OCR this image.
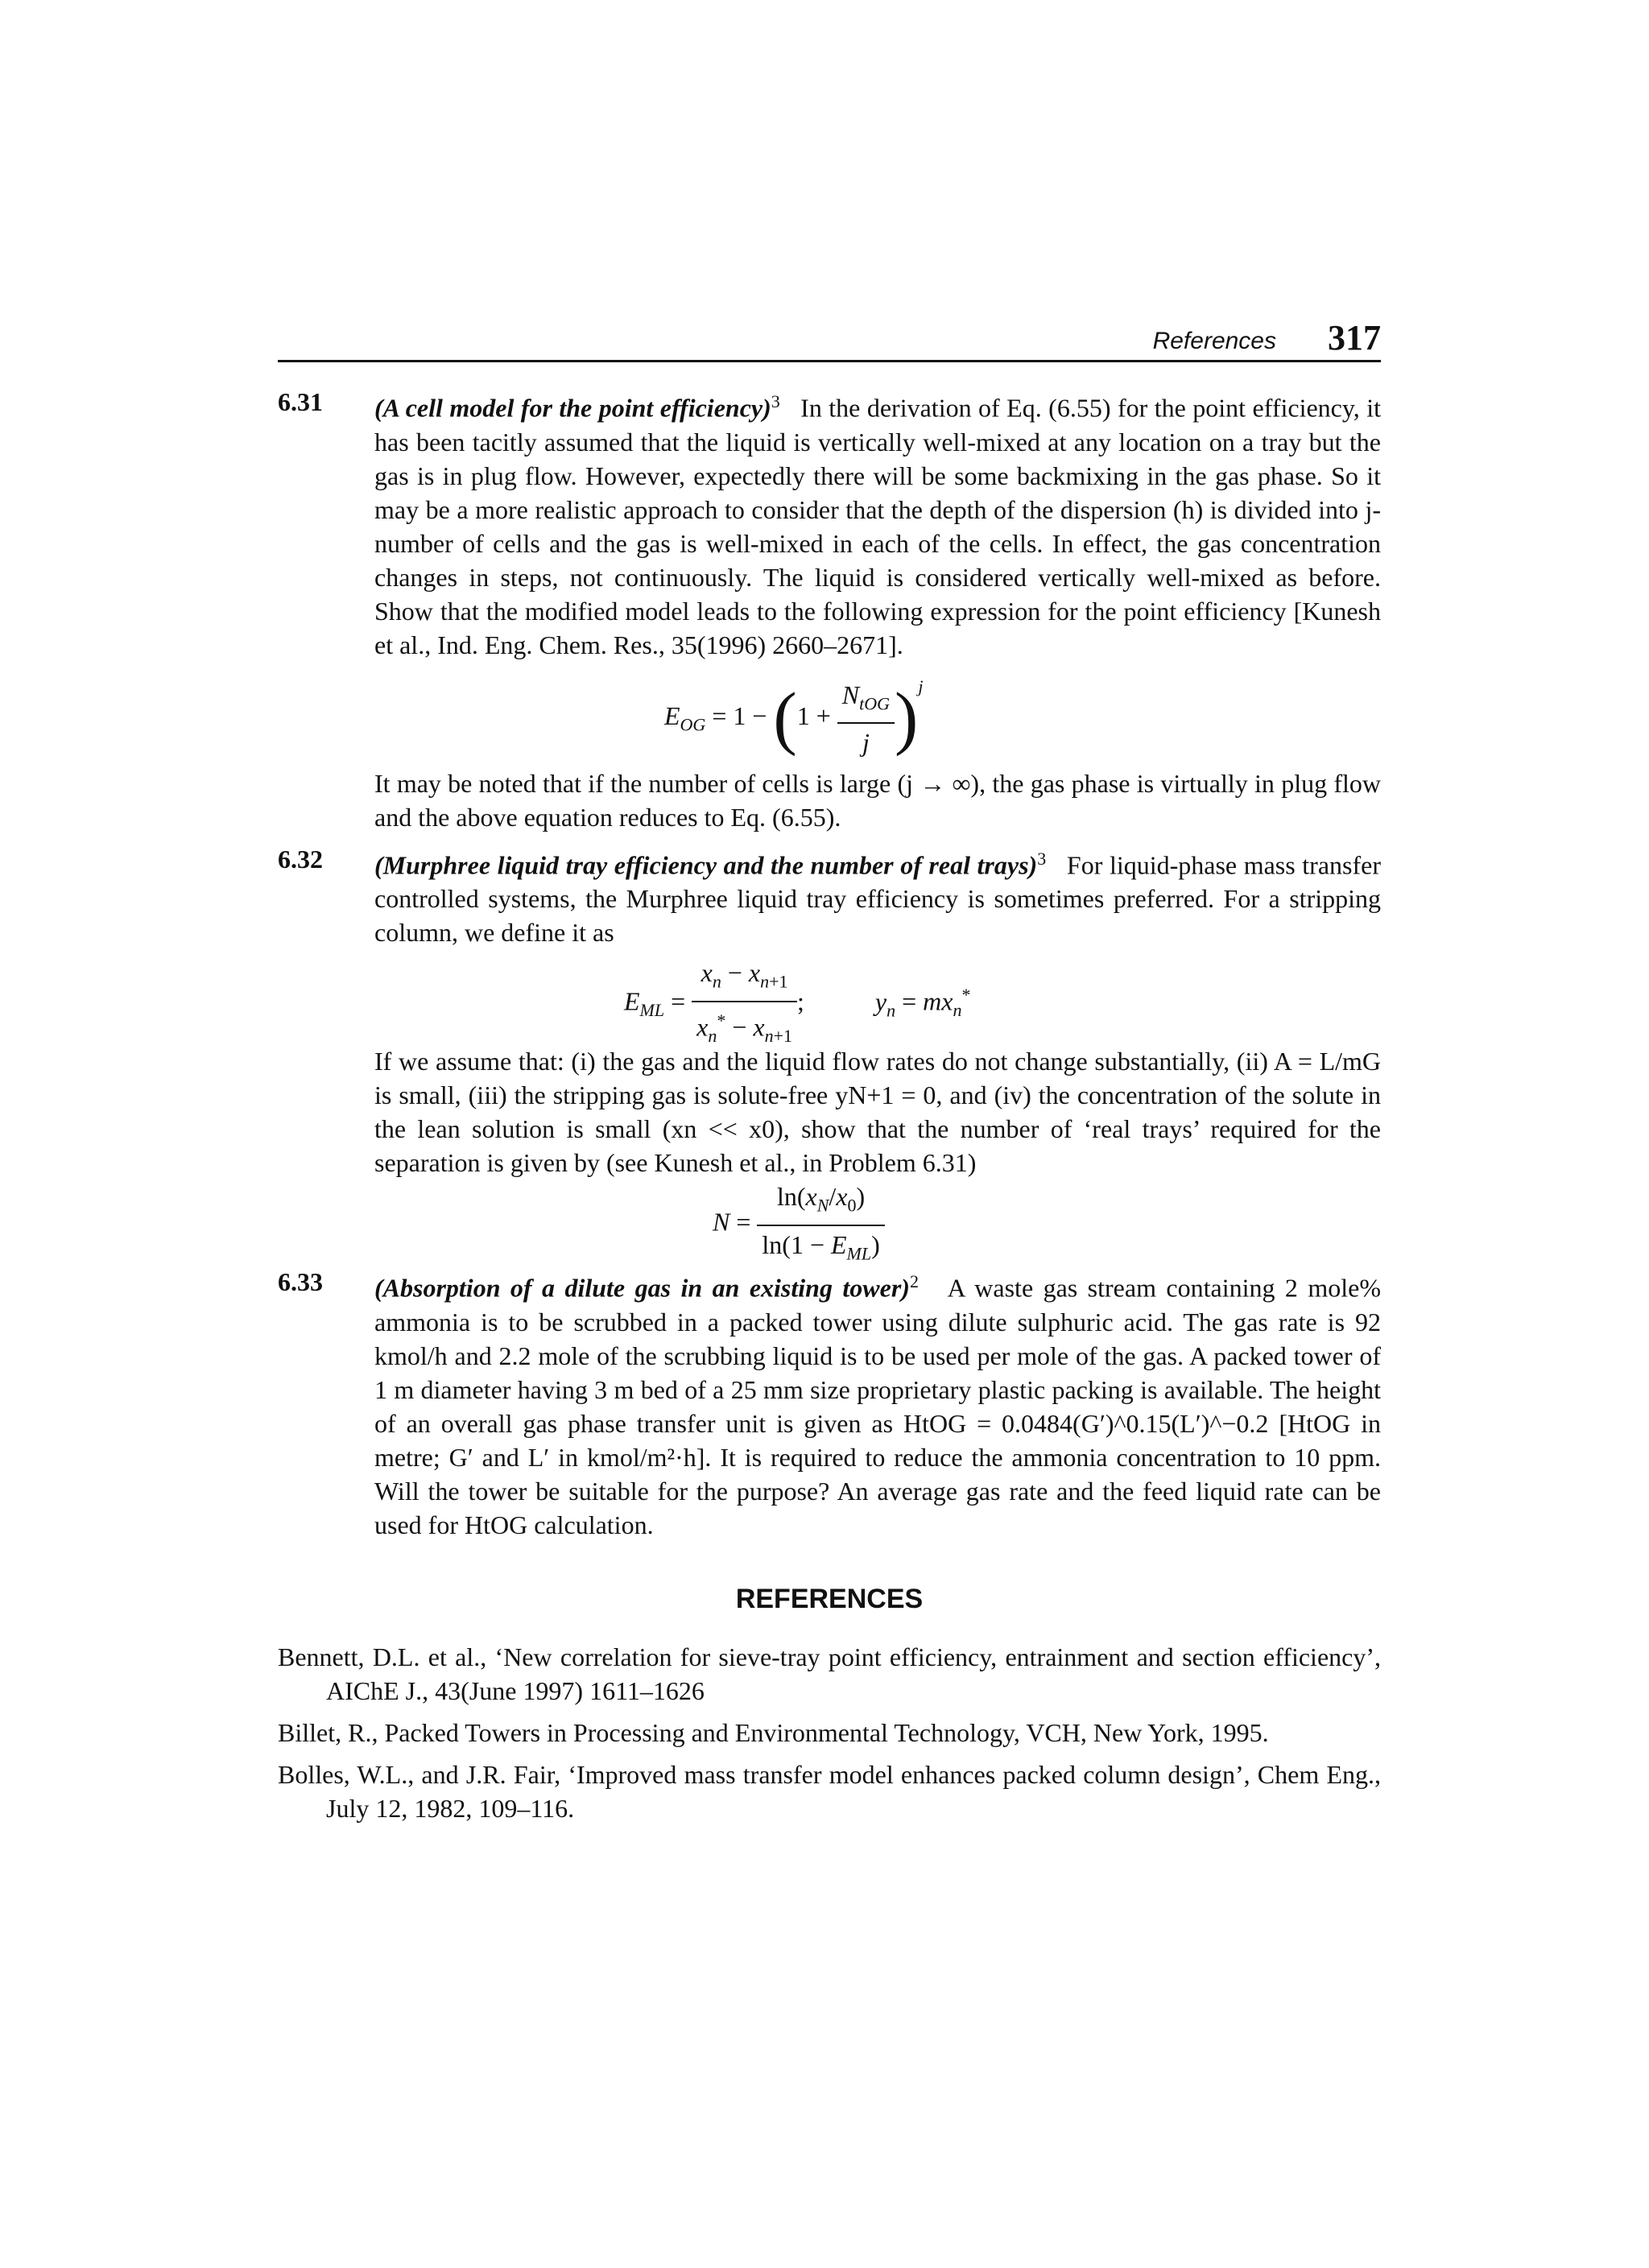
References 317
6.31 (A cell model for the point efficiency)$^3$ In the derivation of Eq. (6.55) for the point efficiency, it has been tacitly assumed that the liquid is vertically well-mixed at any location on a tray but the gas is in plug flow. However, expectedly there will be some backmixing in the gas phase. So it may be a more realistic approach to consider that the depth of the dispersion (h) is divided into j-number of cells and the gas is well-mixed in each of the cells. In effect, the gas concentration changes in steps, not continuously. The liquid is considered vertically well-mixed as before. Show that the modified model leads to the following expression for the point efficiency [Kunesh et al., Ind. Eng. Chem. Res., 35(1996) 2660–2671].
$E_{OG} = 1 - (1 + \frac{N_{tOG}}{j} )^j$
It may be noted that if the number of cells is large (j → ∞), the gas phase is virtually in plug flow and the above equation reduces to Eq. (6.55).
6.32 (Murphree liquid tray efficiency and the number of real trays)$^3$ For liquid-phase mass transfer controlled systems, the Murphree liquid tray efficiency is sometimes preferred. For a stripping column, we define it as
$E_{ML} = \frac{x_n - x_{n+1}}{x_n^* - x_{n+1}}$ ;	$y_n = mx_n^*$
If we assume that: (i) the gas and the liquid flow rates do not change substantially, (ii) A = L/mG is small, (iii) the stripping gas is solute-free yN+1 = 0, and (iv) the concentration of the solute in the lean solution is small (xn << x0), show that the number of ‘real trays’ required for the separation is given by (see Kunesh et al., in Problem 6.31)
$N = \frac{\ln(x_N/x_0)}{\ln(1 - E_{ML})}$
6.33 (Absorption of a dilute gas in an existing tower)$^2$ A waste gas stream containing 2 mole% ammonia is to be scrubbed in a packed tower using dilute sulphuric acid. The gas rate is 92 kmol/h and 2.2 mole of the scrubbing liquid is to be used per mole of the gas. A packed tower of 1 m diameter having 3 m bed of a 25 mm size proprietary plastic packing is available. The height of an overall gas phase transfer unit is given as HtOG = 0.0484(G′)^0.15(L′)^−0.2 [HtOG in metre; G′ and L′ in kmol/m²·h]. It is required to reduce the ammonia concentration to 10 ppm. Will the tower be suitable for the purpose? An average gas rate and the feed liquid rate can be used for HtOG calculation.
REFERENCES
Bennett, D.L. et al., ‘New correlation for sieve-tray point efficiency, entrainment and section efficiency’, AIChE J., 43(June 1997) 1611–1626
Billet, R., Packed Towers in Processing and Environmental Technology, VCH, New York, 1995.
Bolles, W.L., and J.R. Fair, ‘Improved mass transfer model enhances packed column design’, Chem Eng., July 12, 1982, 109–116.
